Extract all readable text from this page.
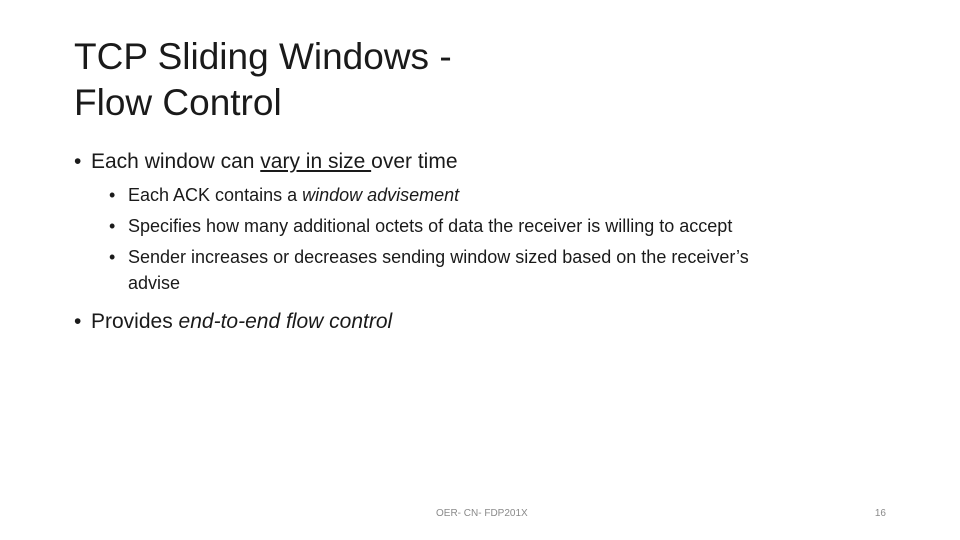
TCP Sliding Windows -
Flow Control
• Each window can vary in size over time
• Each ACK contains a window advisement
• Specifies how many additional octets of data the receiver is willing to accept
• Sender increases or decreases sending window sized based on the receiver’s
advise
• Provides end-to-end flow control
OER- CN- FDP201X	16
